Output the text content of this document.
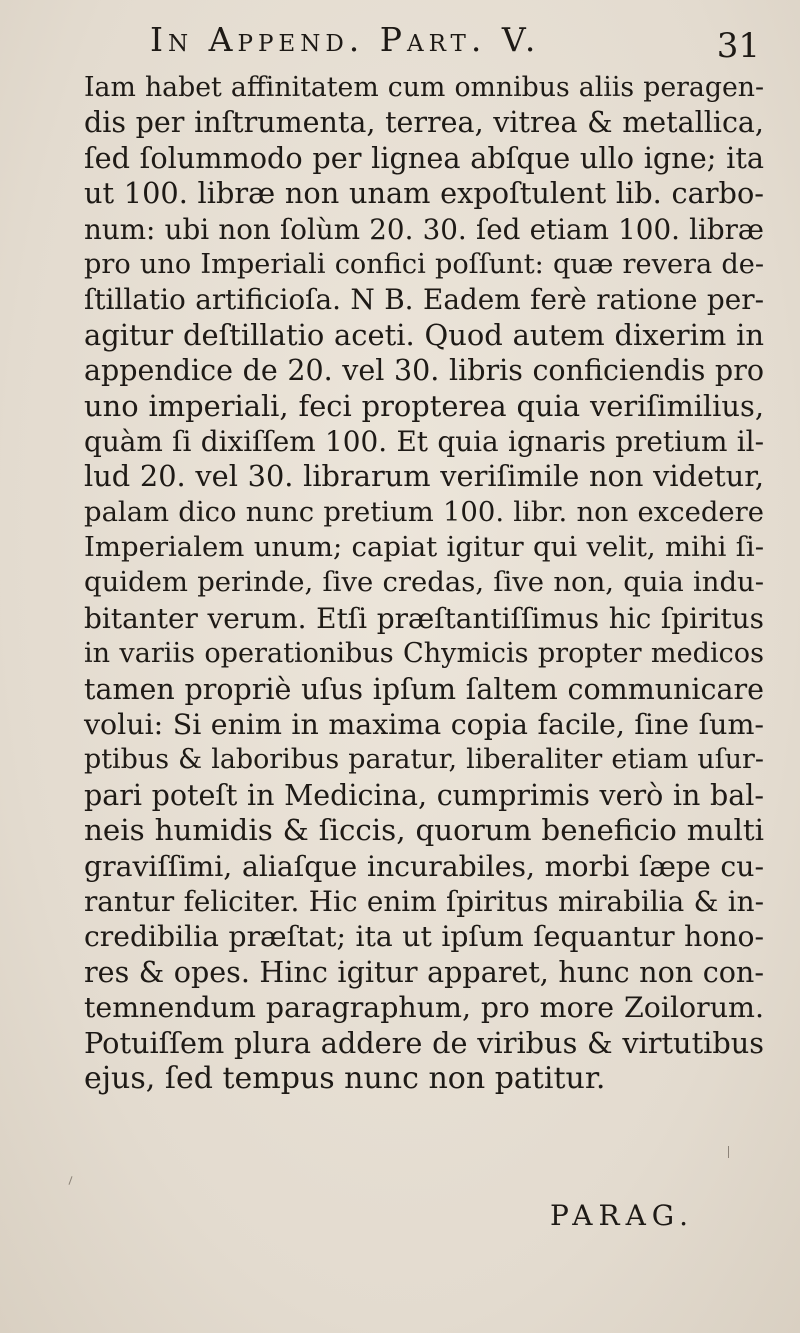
In Append. Part. V.	31
Iam habet affinitatem cum omnibus aliis peragen-
dis per inſtrumenta, terrea, vitrea & metallica,
ſed ſolummodo per lignea abſque ullo igne; ita
ut 100. libræ non unam expoſtulent lib. carbo-
num: ubi non ſolùm 20. 30. ſed etiam 100. libræ
pro uno Imperiali confici poſſunt: quæ revera de-
ſtillatio artificioſa. N B. Eadem ferè ratione per-
agitur deſtillatio aceti. Quod autem dixerim in
appendice de 20. vel 30. libris conficiendis pro
uno imperiali, feci propterea quia veriſimilius,
quàm ſi dixiſſem 100. Et quia ignaris pretium il-
lud 20. vel 30. librarum veriſimile non videtur,
palam dico nunc pretium 100. libr. non excedere
Imperialem unum; capiat igitur qui velit, mihi ſi-
quidem perinde, ſive credas, ſive non, quia indu-
bitanter verum. Etſi præſtantiſſimus hic ſpiritus
in variis operationibus Chymicis propter medicos
tamen propriè uſus ipſum ſaltem communicare
volui: Si enim in maxima copia facile, ſine ſum-
ptibus & laboribus paratur, liberaliter etiam uſur-
pari poteſt in Medicina, cumprimis verò in bal-
neis humidis & ſiccis, quorum beneficio multi
graviſſimi, aliaſque incurabiles, morbi ſæpe cu-
rantur feliciter. Hic enim ſpiritus mirabilia & in-
credibilia præſtat; ita ut ipſum ſequantur hono-
res & opes. Hinc igitur apparet, hunc non con-
temnendum paragraphum, pro more Zoilorum.
Potuiſſem plura addere de viribus & virtutibus
ejus, ſed tempus nunc non patitur.
PARAG.
